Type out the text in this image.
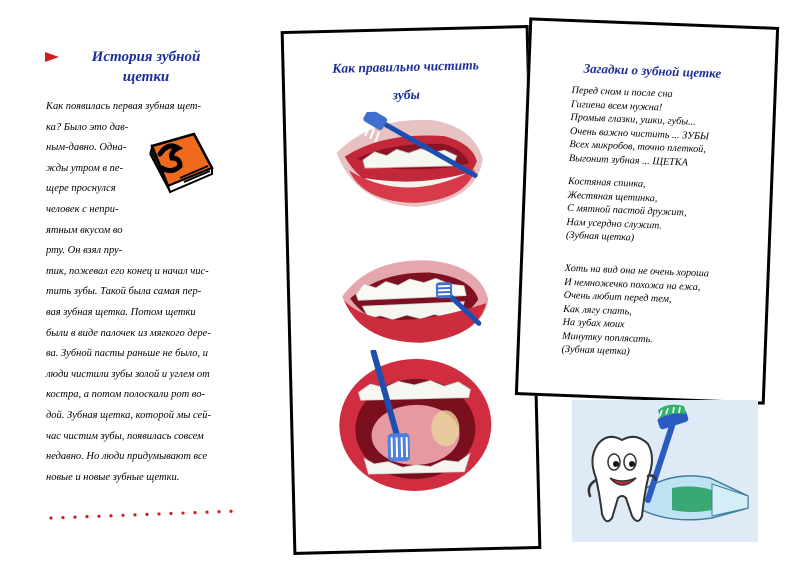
История зубной
щетки
Как появилась первая зубная щет-
ка? Было это дав-
ным-давно. Одна-
жды утром в пе-
щере проснулся
человек с непри-
ятным вкусом во
рту. Он взял пру-
тик, пожевал его конец и начал чис-
тить зубы. Такой была самая пер-
вая зубная щетка. Потом щетки
были в виде палочек из мягкого дере-
ва. Зубной пасты раньше не было, и
люди чистили зубы золой и углем от
костра, а потом полоскали рот во-
дой. Зубная щетка, которой мы сей-
час чистим зубы, появилась совсем
недавно. Но люди придумывают все
новые и новые зубные щетки.
Как правильно чистить
зубы
Загадки о зубной щетке
Перед сном и после сна
Гигиена всем нужна!
Промыв глазки, ушки, губы...
Очень важно чистить ... ЗУБЫ
Всех микробов, точно плеткой,
Выгонит зубная ... ЩЕТКА
Костяная спинка,
Жестяная щетинка,
С мятной пастой дружит,
Нам усердно служит.
(Зубная щетка)
Хоть на вид она не очень хороша
И немножечко похожа на ежа,
Очень любит перед тем,
Как лягу спать,
На зубах моих
Минутку поплясать.
(Зубная щетка)
